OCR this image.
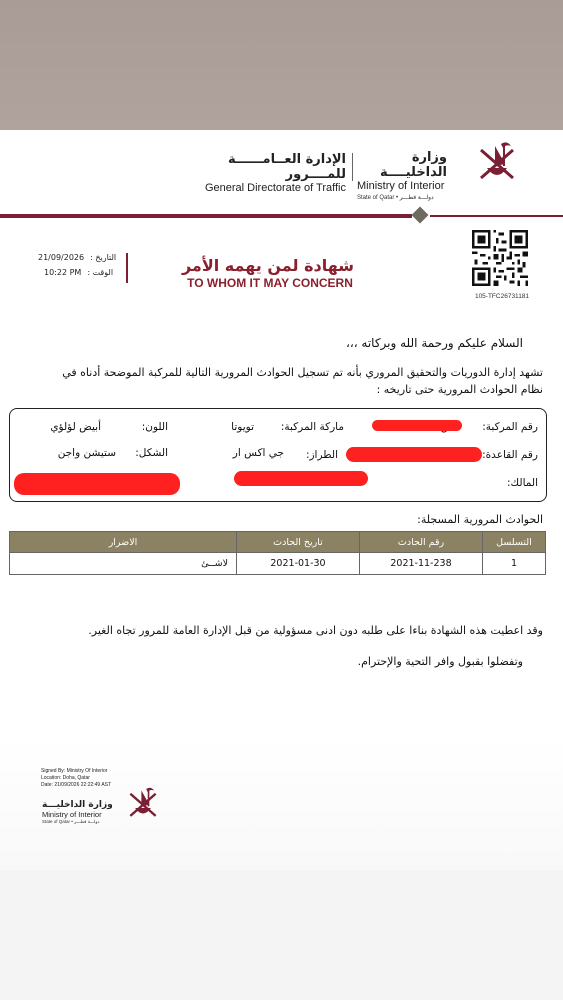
وزارة الداخليــــة
Ministry of Interior
State of Qatar • دولـــة قطـــر
الإدارة العــامــــــة للمــــرور
General Directorate of Traffic
21/09/2026 التاريخ :
10:22 PM الوقت :	شهادة لمن يهمه الأمر
TO WHOM IT MAY CONCERN
105-TFC26731181
السلام عليكم ورحمة الله وبركاته ،،،
تشهد إدارة الدوريات والتحقيق المروري بأنه تم تسجيل الحوادث المرورية التالية للمركبة الموضحة أدناه في نظام الحوادث المرورية حتى تاريخه :
رقم المركبة:
ماركة المركبة:
تويوتا
اللون:
أبيض لؤلؤي
رقم القاعدة:
الطراز:
جي اكس ار
الشكل:
ستيشن واجن
المالك:
الحوادث المرورية المسجلة:
التسلسل	رقم الحادث	تاريخ الحادث	الاضرار
1	2021-11-238	2021-01-30	لاشــئ
وقد اعطيت هذه الشهادة بناءا على طلبه دون ادنى مسؤولية من قبل الإدارة العامة للمرور تجاه الغير.
وتفضلوا بقبول وافر التحية والإحترام.
Signed By: Ministry Of Interior
Location: Doha, Qatar
Date: 21/09/2026 22:22:49 AST
وزارة الداخليـــة
Ministry of Interior
State of Qatar • دولـــة قطـــر
